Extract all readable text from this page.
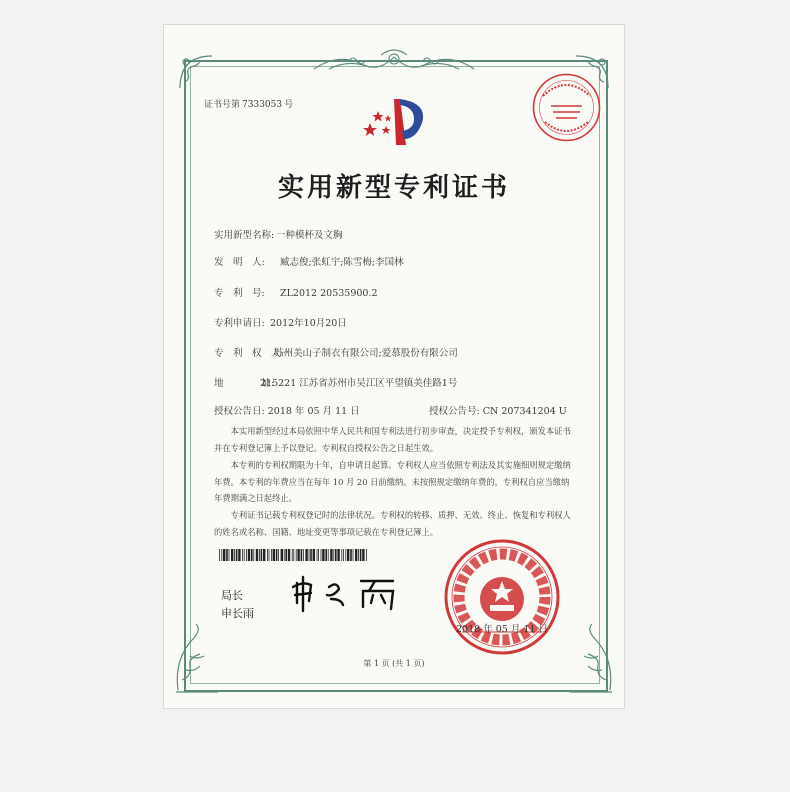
证书号第 7333053 号
实用新型专利证书
实用新型名称: 一种模杯及文胸
发　明　人: 臧志俊;张虹宇;陈雪梅;李国林
专　利　号: ZL2012 20535900.2
专利申请日: 2012年10月20日
专　利　权　人:苏州美山子制衣有限公司;爱慕股份有限公司
地　　　　址:215221 江苏省苏州市吴江区平望镇美佳路1号
授权公告日: 2018 年 05 月 11 日	授权公告号: CN 207341204 U
本实用新型经过本局依照中华人民共和国专利法进行初步审查，决定授予专利权，颁发本证书并在专利登记簿上予以登记。专利权自授权公告之日起生效。
本专利的专利权期限为十年，自申请日起算。专利权人应当依照专利法及其实施细则规定缴纳年费。本专利的年费应当在每年 10 月 20 日前缴纳。未按照规定缴纳年费的，专利权自应当缴纳年费期满之日起终止。
专利证书记载专利权登记时的法律状况。专利权的转移、质押、无效、终止、恢复和专利权人的姓名或名称、国籍、地址变更等事项记载在专利登记簿上。
局长
申长雨
2018 年 05 月 11 日
第 1 页 (共 1 页)
